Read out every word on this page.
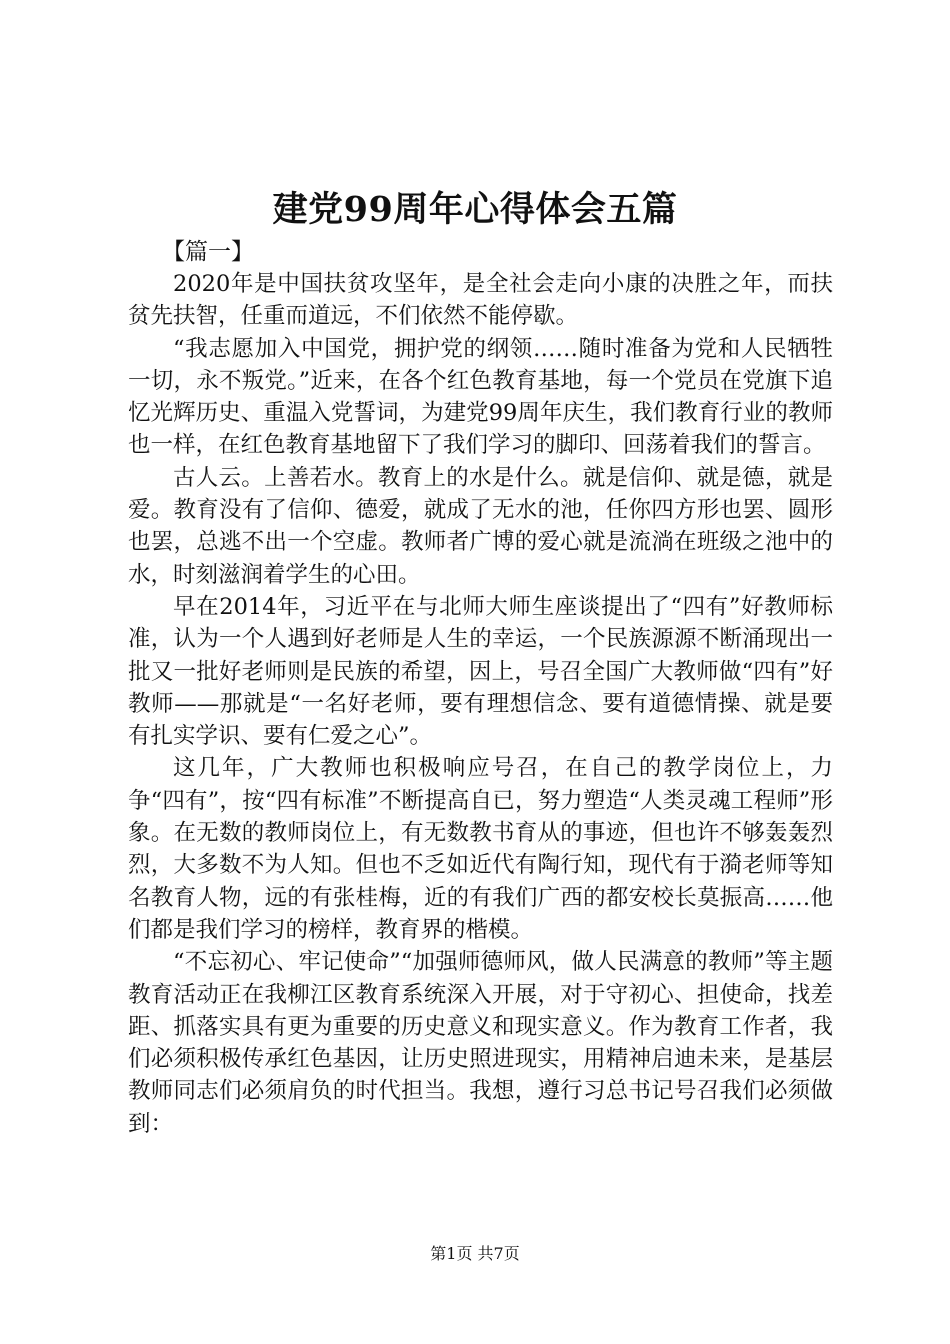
建党99周年心得体会五篇
【篇一】

2020年是中国扶贫攻坚年，是全社会走向小康的决胜之年，而扶贫先扶智，任重而道远，不们依然不能停歇。

“我志愿加入中国党，拥护党的纲领……随时准备为党和人民牺牲一切，永不叛党。”近来，在各个红色教育基地，每一个党员在党旗下追忆光辉历史、重温入党誓词，为建党99周年庆生，我们教育行业的教师也一样，在红色教育基地留下了我们学习的脚印、回荡着我们的誓言。

古人云。上善若水。教育上的水是什么。就是信仰、就是德，就是爱。教育没有了信仰、德爱，就成了无水的池，任你四方形也罢、圆形也罢，总逃不出一个空虚。教师者广博的爱心就是流淌在班级之池中的水，时刻滋润着学生的心田。

早在2014年，习近平在与北师大师生座谈提出了“四有”好教师标准，认为一个人遇到好老师是人生的幸运，一个民族源源不断涌现出一批又一批好老师则是民族的希望，因上，号召全国广大教师做“四有”好教师——那就是“一名好老师，要有理想信念、要有道德情操、就是要有扎实学识、要有仁爱之心”。

这几年，广大教师也积极响应号召，在自己的教学岗位上，力争“四有”，按“四有标准”不断提高自已，努力塑造“人类灵魂工程师”形象。在无数的教师岗位上，有无数教书育从的事迹，但也许不够轰轰烈烈，大多数不为人知。但也不乏如近代有陶行知，现代有于漪老师等知名教育人物，远的有张桂梅，近的有我们广西的都安校长莫振高……他们都是我们学习的榜样，教育界的楷模。

“不忘初心、牢记使命”“加强师德师风，做人民满意的教师”等主题教育活动正在我柳江区教育系统深入开展，对于守初心、担使命，找差距、抓落实具有更为重要的历史意义和现实意义。作为教育工作者，我们必须积极传承红色基因，让历史照进现实，用精神启迪未来，是基层教师同志们必须肩负的时代担当。我想，遵行习总书记号召我们必须做到：

第1页 共7页
